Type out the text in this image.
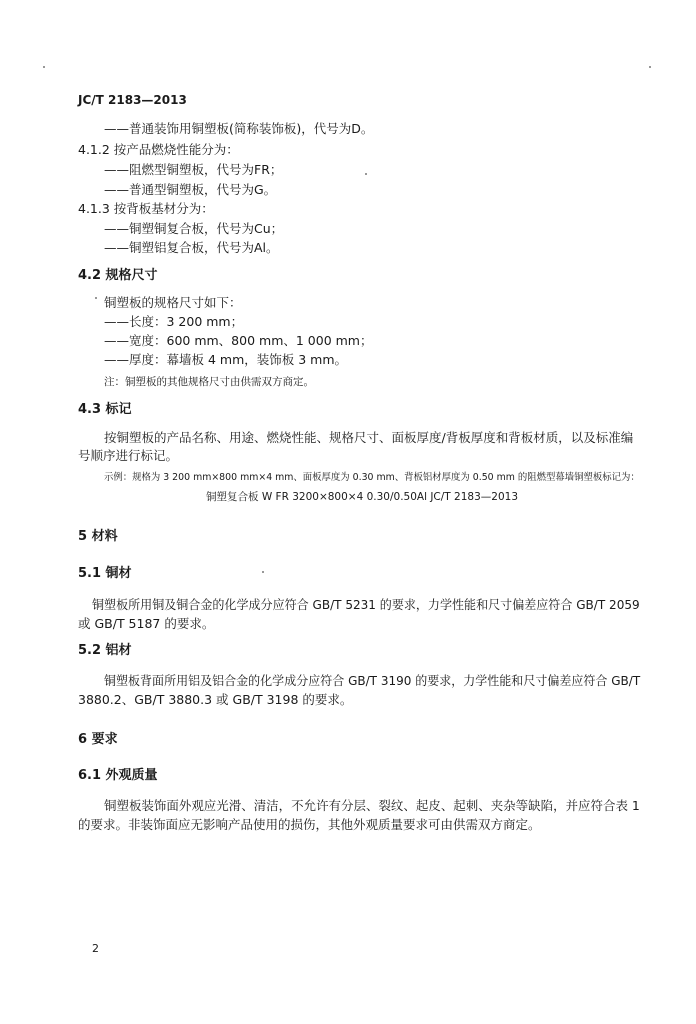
JC/T 2183—2013
——普通装饰用铜塑板(简称装饰板)，代号为D。
4.1.2 按产品燃烧性能分为：
——阻燃型铜塑板，代号为FR；
——普通型铜塑板，代号为G。
4.1.3 按背板基材分为：
——铜塑铜复合板，代号为Cu；
——铜塑铝复合板，代号为Al。
4.2 规格尺寸
铜塑板的规格尺寸如下：
——长度：3 200 mm；
——宽度：600 mm、800 mm、1 000 mm；
——厚度：幕墙板 4 mm，装饰板 3 mm。
注：铜塑板的其他规格尺寸由供需双方商定。
4.3 标记
按铜塑板的产品名称、用途、燃烧性能、规格尺寸、面板厚度/背板厚度和背板材质，以及标准编
号顺序进行标记。
示例：规格为 3 200 mm×800 mm×4 mm、面板厚度为 0.30 mm、背板铝材厚度为 0.50 mm 的阻燃型幕墙铜塑板标记为：
铜塑复合板 W FR 3200×800×4 0.30/0.50Al JC/T 2183—2013
5 材料
5.1 铜材
铜塑板所用铜及铜合金的化学成分应符合 GB/T 5231 的要求，力学性能和尺寸偏差应符合 GB/T 2059
或 GB/T 5187 的要求。
5.2 铝材
铜塑板背面所用铝及铝合金的化学成分应符合 GB/T 3190 的要求，力学性能和尺寸偏差应符合 GB/T
3880.2、GB/T 3880.3 或 GB/T 3198 的要求。
6 要求
6.1 外观质量
铜塑板装饰面外观应光滑、清洁，不允许有分层、裂纹、起皮、起刺、夹杂等缺陷，并应符合表 1
的要求。非装饰面应无影响产品使用的损伤，其他外观质量要求可由供需双方商定。
2
